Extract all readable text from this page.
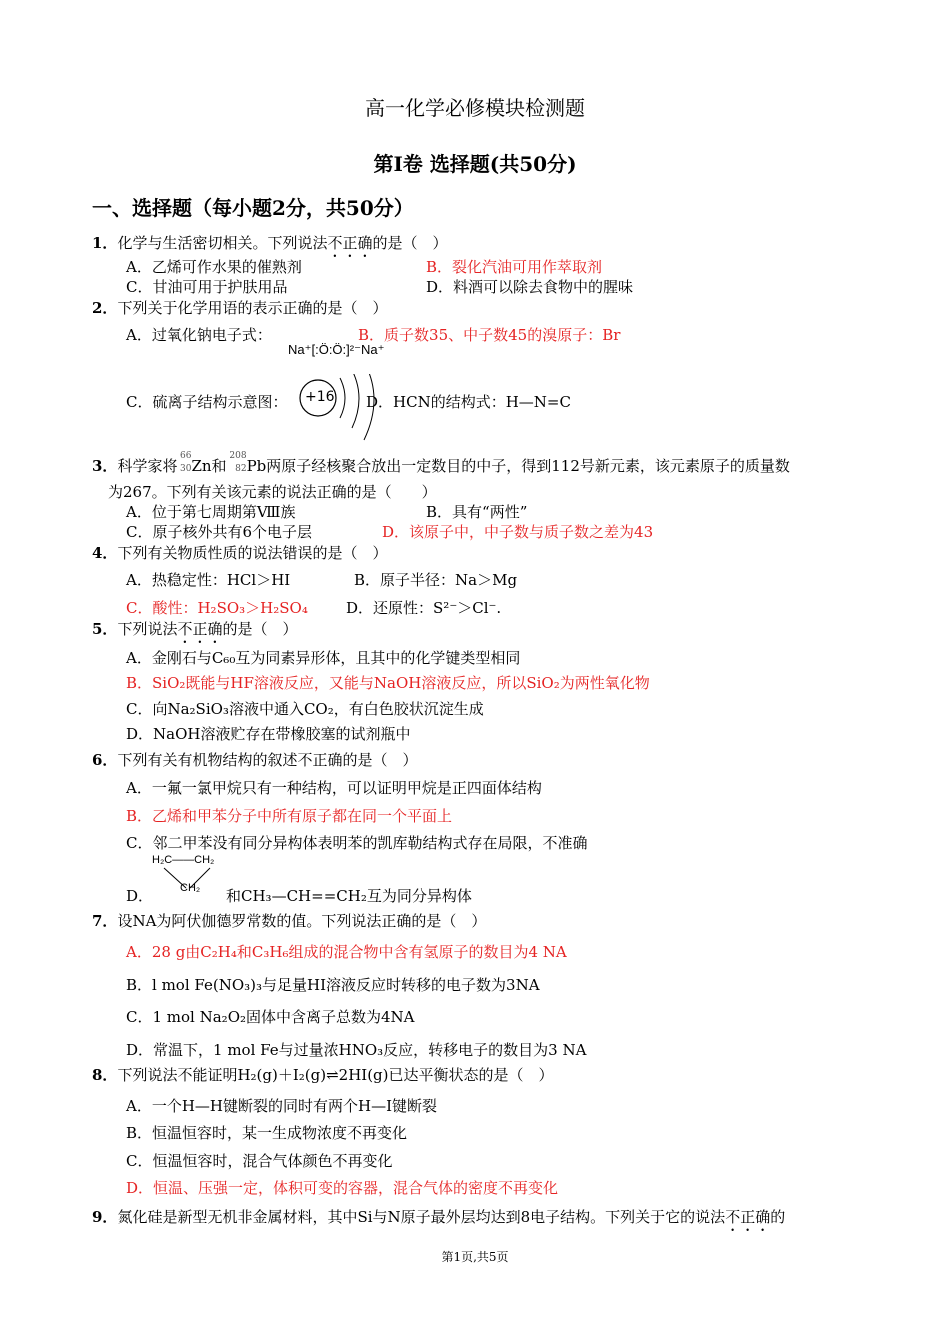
高一化学必修模块检测题
第Ⅰ卷 选择题(共50分)
一、选择题（每小题2分，共50分）
1．化学与生活密切相关。下列说法不正确的是（　）
A．乙烯可作水果的催熟剂	B．裂化汽油可用作萃取剂
C．甘油可用于护肤用品	D．料酒可以除去食物中的腥味
2．下列关于化学用语的表示正确的是（　）
A．过氧化钠电子式：
Na⁺[:Ö:Ö:]²⁻Na⁺
B．质子数35、中子数45的溴原子：Br
C．硫离子结构示意图： +16 D．HCN的结构式：H—N=C
3．科学家将
66
30 Zn和
208
82 Pb两原子经核聚合放出一定数目的中子，得到112号新元素，该元素原子的质量数
为267。下列有关该元素的说法正确的是（　　）
A．位于第七周期第Ⅷ族	B．具有“两性”
C．原子核外共有6个电子层	D．该原子中，中子数与质子数之差为43
4．下列有关物质性质的说法错误的是（　）
A．热稳定性：HCl＞HI	B．原子半径：Na＞Mg
C．酸性：H₂SO₃＞H₂SO₄	D．还原性：S²⁻＞Cl⁻.
5．下列说法不正确的是（　）
A．金刚石与C₆₀互为同素异形体，且其中的化学键类型相同
B．SiO₂既能与HF溶液反应，又能与NaOH溶液反应，所以SiO₂为两性氧化物
C．向Na₂SiO₃溶液中通入CO₂，有白色胶状沉淀生成
D．NaOH溶液贮存在带橡胶塞的试剂瓶中
6．下列有关有机物结构的叙述不正确的是（　）
A．一氟一氯甲烷只有一种结构，可以证明甲烷是正四面体结构
B．乙烯和甲苯分子中所有原子都在同一个平面上
C．邻二甲苯没有同分异构体表明苯的凯库勒结构式存在局限，不准确
D．
H₂C——CH₂
CH₂ 和CH₃—CH==CH₂互为同分异构体
7．设NA为阿伏伽德罗常数的值。下列说法正确的是（　）
A．28 g由C₂H₄和C₃H₆组成的混合物中含有氢原子的数目为4 NA
B．l mol Fe(NO₃)₃与足量HI溶液反应时转移的电子数为3NA
C．1 mol Na₂O₂固体中含离子总数为4NA
D．常温下，1 mol Fe与过量浓HNO₃反应，转移电子的数目为3 NA
8．下列说法不能证明H₂(g)＋I₂(g)⇌2HI(g)已达平衡状态的是（　）
A．一个H—H键断裂的同时有两个H—I键断裂
B．恒温恒容时，某一生成物浓度不再变化
C．恒温恒容时，混合气体颜色不再变化
D．恒温、压强一定，体积可变的容器，混合气体的密度不再变化
9．氮化硅是新型无机非金属材料，其中Si与N原子最外层均达到8电子结构。下列关于它的说法不正确的
第1页,共5页
